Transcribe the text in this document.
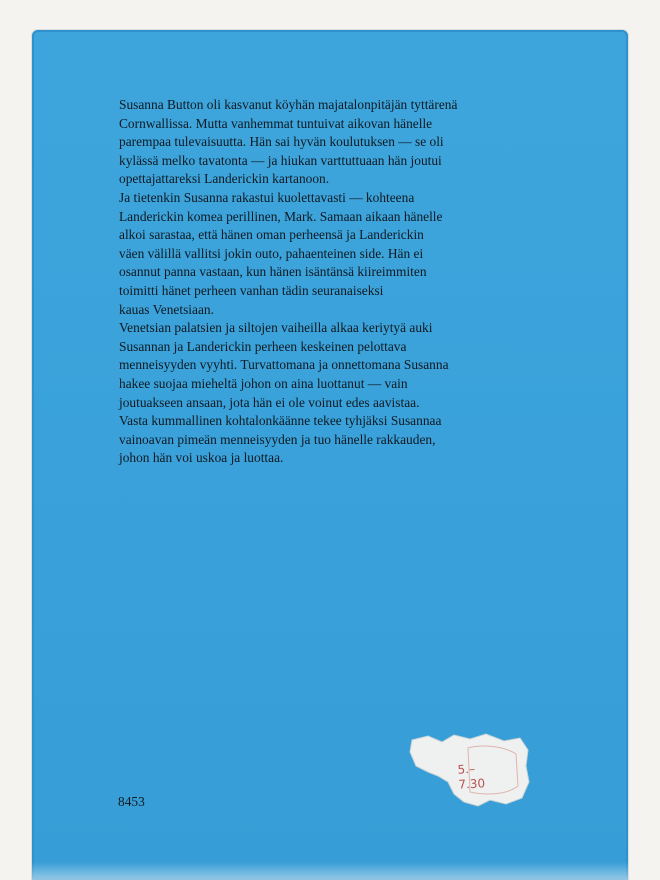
Susanna Button oli kasvanut köyhän majatalonpitäjän tyttärenä
Cornwallissa. Mutta vanhemmat tuntuivat aikovan hänelle
parempaa tulevaisuutta. Hän sai hyvän koulutuksen — se oli
kylässä melko tavatonta — ja hiukan varttuttuaan hän joutui
opettajattareksi Landerickin kartanoon.
Ja tietenkin Susanna rakastui kuolettavasti — kohteena
Landerickin komea perillinen, Mark. Samaan aikaan hänelle
alkoi sarastaa, että hänen oman perheensä ja Landerickin
väen välillä vallitsi jokin outo, pahaenteinen side. Hän ei
osannut panna vastaan, kun hänen isäntänsä kiireimmiten
toimitti hänet perheen vanhan tädin seuranaiseksi
kauas Venetsiaan.
Venetsian palatsien ja siltojen vaiheilla alkaa keriytyä auki
Susannan ja Landerickin perheen keskeinen pelottava
menneisyyden vyyhti. Turvattomana ja onnettomana Susanna
hakee suojaa mieheltä johon on aina luottanut — vain
joutuakseen ansaan, jota hän ei ole voinut edes aavistaa.
Vasta kummallinen kohtalonkäänne tekee tyhjäksi Susannaa
vainoavan pimeän menneisyyden ja tuo hänelle rakkauden,
johon hän voi uskoa ja luottaa.
8453
5.–
7.30
